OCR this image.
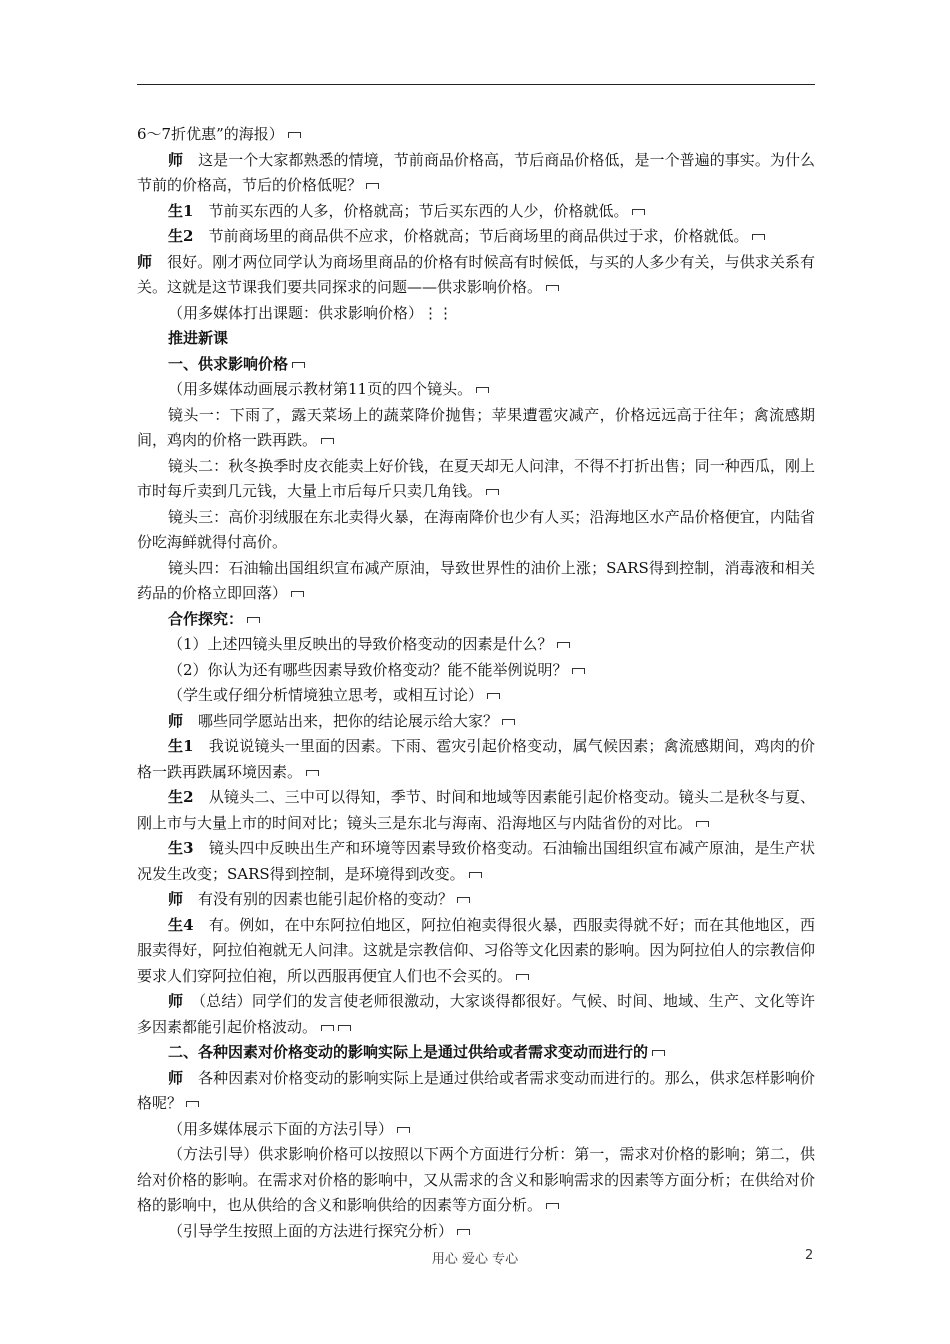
6～7折优惠”的海报）

师　这是一个大家都熟悉的情境，节前商品价格高，节后商品价格低，是一个普遍的事实。为什么节前的价格高，节后的价格低呢？

生1　节前买东西的人多，价格就高；节后买东西的人少，价格就低。

生2　节前商场里的商品供不应求，价格就高；节后商场里的商品供过于求，价格就低。

师　很好。刚才两位同学认为商场里商品的价格有时候高有时候低，与买的人多少有关，与供求关系有关。这就是这节课我们要共同探求的问题——供求影响价格。

（用多媒体打出课题：供求影响价格）⋮⋮

推进新课

一、供求影响价格

（用多媒体动画展示教材第11页的四个镜头。

镜头一：下雨了，露天菜场上的蔬菜降价抛售；苹果遭雹灾减产，价格远远高于往年；禽流感期间，鸡肉的价格一跌再跌。

镜头二：秋冬换季时皮衣能卖上好价钱，在夏天却无人问津，不得不打折出售；同一种西瓜，刚上市时每斤卖到几元钱，大量上市后每斤只卖几角钱。

镜头三：高价羽绒服在东北卖得火暴，在海南降价也少有人买；沿海地区水产品价格便宜，内陆省份吃海鲜就得付高价。

镜头四：石油输出国组织宣布减产原油，导致世界性的油价上涨；SARS得到控制，消毒液和相关药品的价格立即回落）

合作探究：

（1）上述四镜头里反映出的导致价格变动的因素是什么？

（2）你认为还有哪些因素导致价格变动？能不能举例说明？

（学生或仔细分析情境独立思考，或相互讨论）

师　哪些同学愿站出来，把你的结论展示给大家？

生1　我说说镜头一里面的因素。下雨、雹灾引起价格变动，属气候因素；禽流感期间，鸡肉的价格一跌再跌属环境因素。

生2　从镜头二、三中可以得知，季节、时间和地域等因素能引起价格变动。镜头二是秋冬与夏、刚上市与大量上市的时间对比；镜头三是东北与海南、沿海地区与内陆省份的对比。

生3　镜头四中反映出生产和环境等因素导致价格变动。石油输出国组织宣布减产原油，是生产状况发生改变；SARS得到控制，是环境得到改变。

师　有没有别的因素也能引起价格的变动？

生4　有。例如，在中东阿拉伯地区，阿拉伯袍卖得很火暴，西服卖得就不好；而在其他地区，西服卖得好，阿拉伯袍就无人问津。这就是宗教信仰、习俗等文化因素的影响。因为阿拉伯人的宗教信仰要求人们穿阿拉伯袍，所以西服再便宜人们也不会买的。

师　（总结）同学们的发言使老师很激动，大家谈得都很好。气候、时间、地域、生产、文化等许多因素都能引起价格波动。

二、各种因素对价格变动的影响实际上是通过供给或者需求变动而进行的

师　各种因素对价格变动的影响实际上是通过供给或者需求变动而进行的。那么，供求怎样影响价格呢？

（用多媒体展示下面的方法引导）

（方法引导）供求影响价格可以按照以下两个方面进行分析：第一，需求对价格的影响；第二，供给对价格的影响。在需求对价格的影响中，又从需求的含义和影响需求的因素等方面分析；在供给对价格的影响中，也从供给的含义和影响供给的因素等方面分析。

（引导学生按照上面的方法进行探究分析）

用心 爱心 专心	2
